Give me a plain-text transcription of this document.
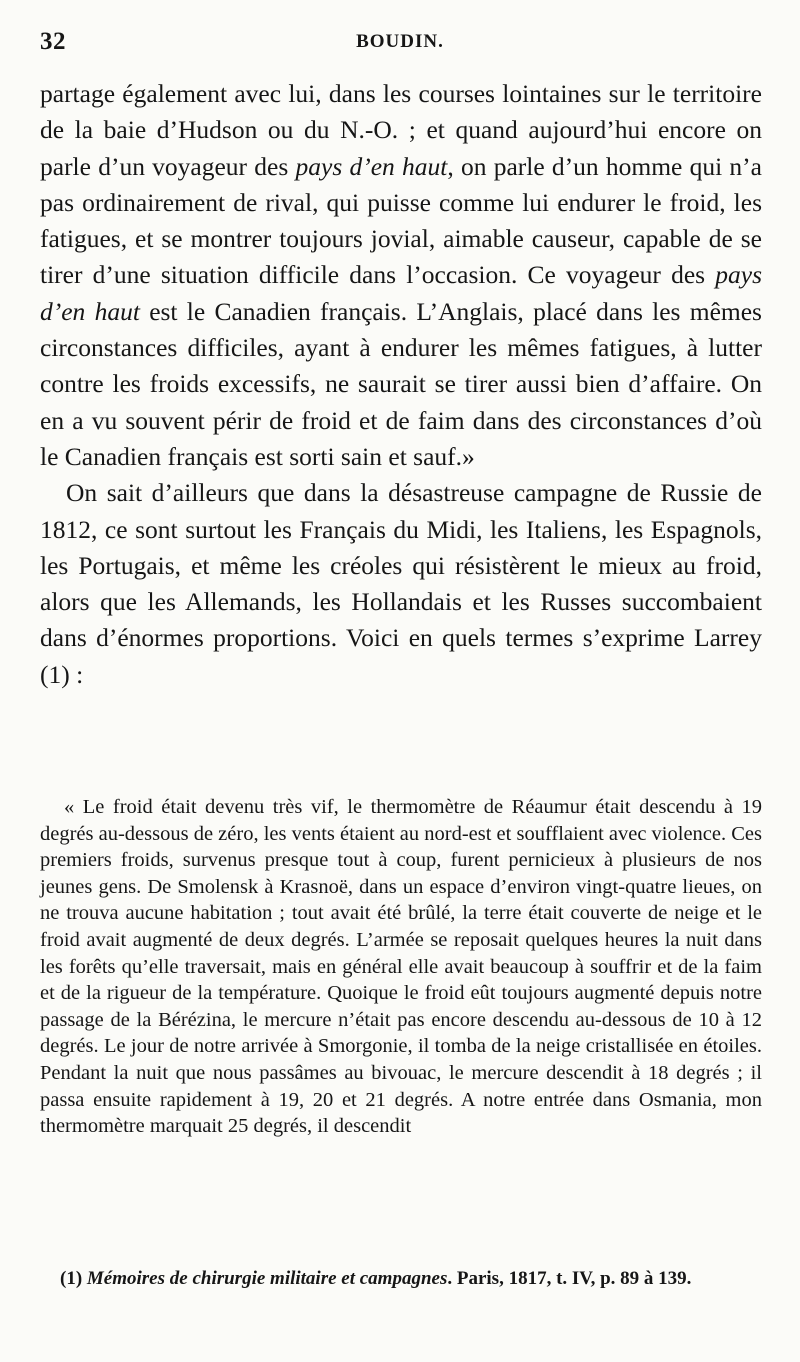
32	BOUDIN.

partage également avec lui, dans les courses lointaines sur le territoire de la baie d’Hudson ou du N.-O. ; et quand aujourd’hui encore on parle d’un voyageur des pays d’en haut, on parle d’un homme qui n’a pas ordinairement de rival, qui puisse comme lui endurer le froid, les fatigues, et se montrer toujours jovial, aimable causeur, capable de se tirer d’une situation difficile dans l’occasion. Ce voyageur des pays d’en haut est le Canadien français. L’Anglais, placé dans les mêmes circonstances difficiles, ayant à endurer les mêmes fatigues, à lutter contre les froids excessifs, ne saurait se tirer aussi bien d’affaire. On en a vu souvent périr de froid et de faim dans des circonstances d’où le Canadien français est sorti sain et sauf.»

On sait d’ailleurs que dans la désastreuse campagne de Russie de 1812, ce sont surtout les Français du Midi, les Italiens, les Espagnols, les Portugais, et même les créoles qui résistèrent le mieux au froid, alors que les Allemands, les Hollandais et les Russes succombaient dans d’énormes proportions. Voici en quels termes s’exprime Larrey (1) :

« Le froid était devenu très vif, le thermomètre de Réaumur était descendu à 19 degrés au-dessous de zéro, les vents étaient au nord-est et soufflaient avec violence. Ces premiers froids, survenus presque tout à coup, furent pernicieux à plusieurs de nos jeunes gens. De Smolensk à Krasnoë, dans un espace d’environ vingt-quatre lieues, on ne trouva aucune habitation ; tout avait été brûlé, la terre était couverte de neige et le froid avait augmenté de deux degrés. L’armée se reposait quelques heures la nuit dans les forêts qu’elle traversait, mais en général elle avait beaucoup à souffrir et de la faim et de la rigueur de la température. Quoique le froid eût toujours augmenté depuis notre passage de la Bérézina, le mercure n’était pas encore descendu au-dessous de 10 à 12 degrés. Le jour de notre arrivée à Smorgonie, il tomba de la neige cristallisée en étoiles. Pendant la nuit que nous passâmes au bivouac, le mercure descendit à 18 degrés ; il passa ensuite rapidement à 19, 20 et 21 degrés. A notre entrée dans Osmania, mon thermomètre marquait 25 degrés, il descendit

(1) Mémoires de chirurgie militaire et campagnes. Paris, 1817, t. IV, p. 89 à 139.
